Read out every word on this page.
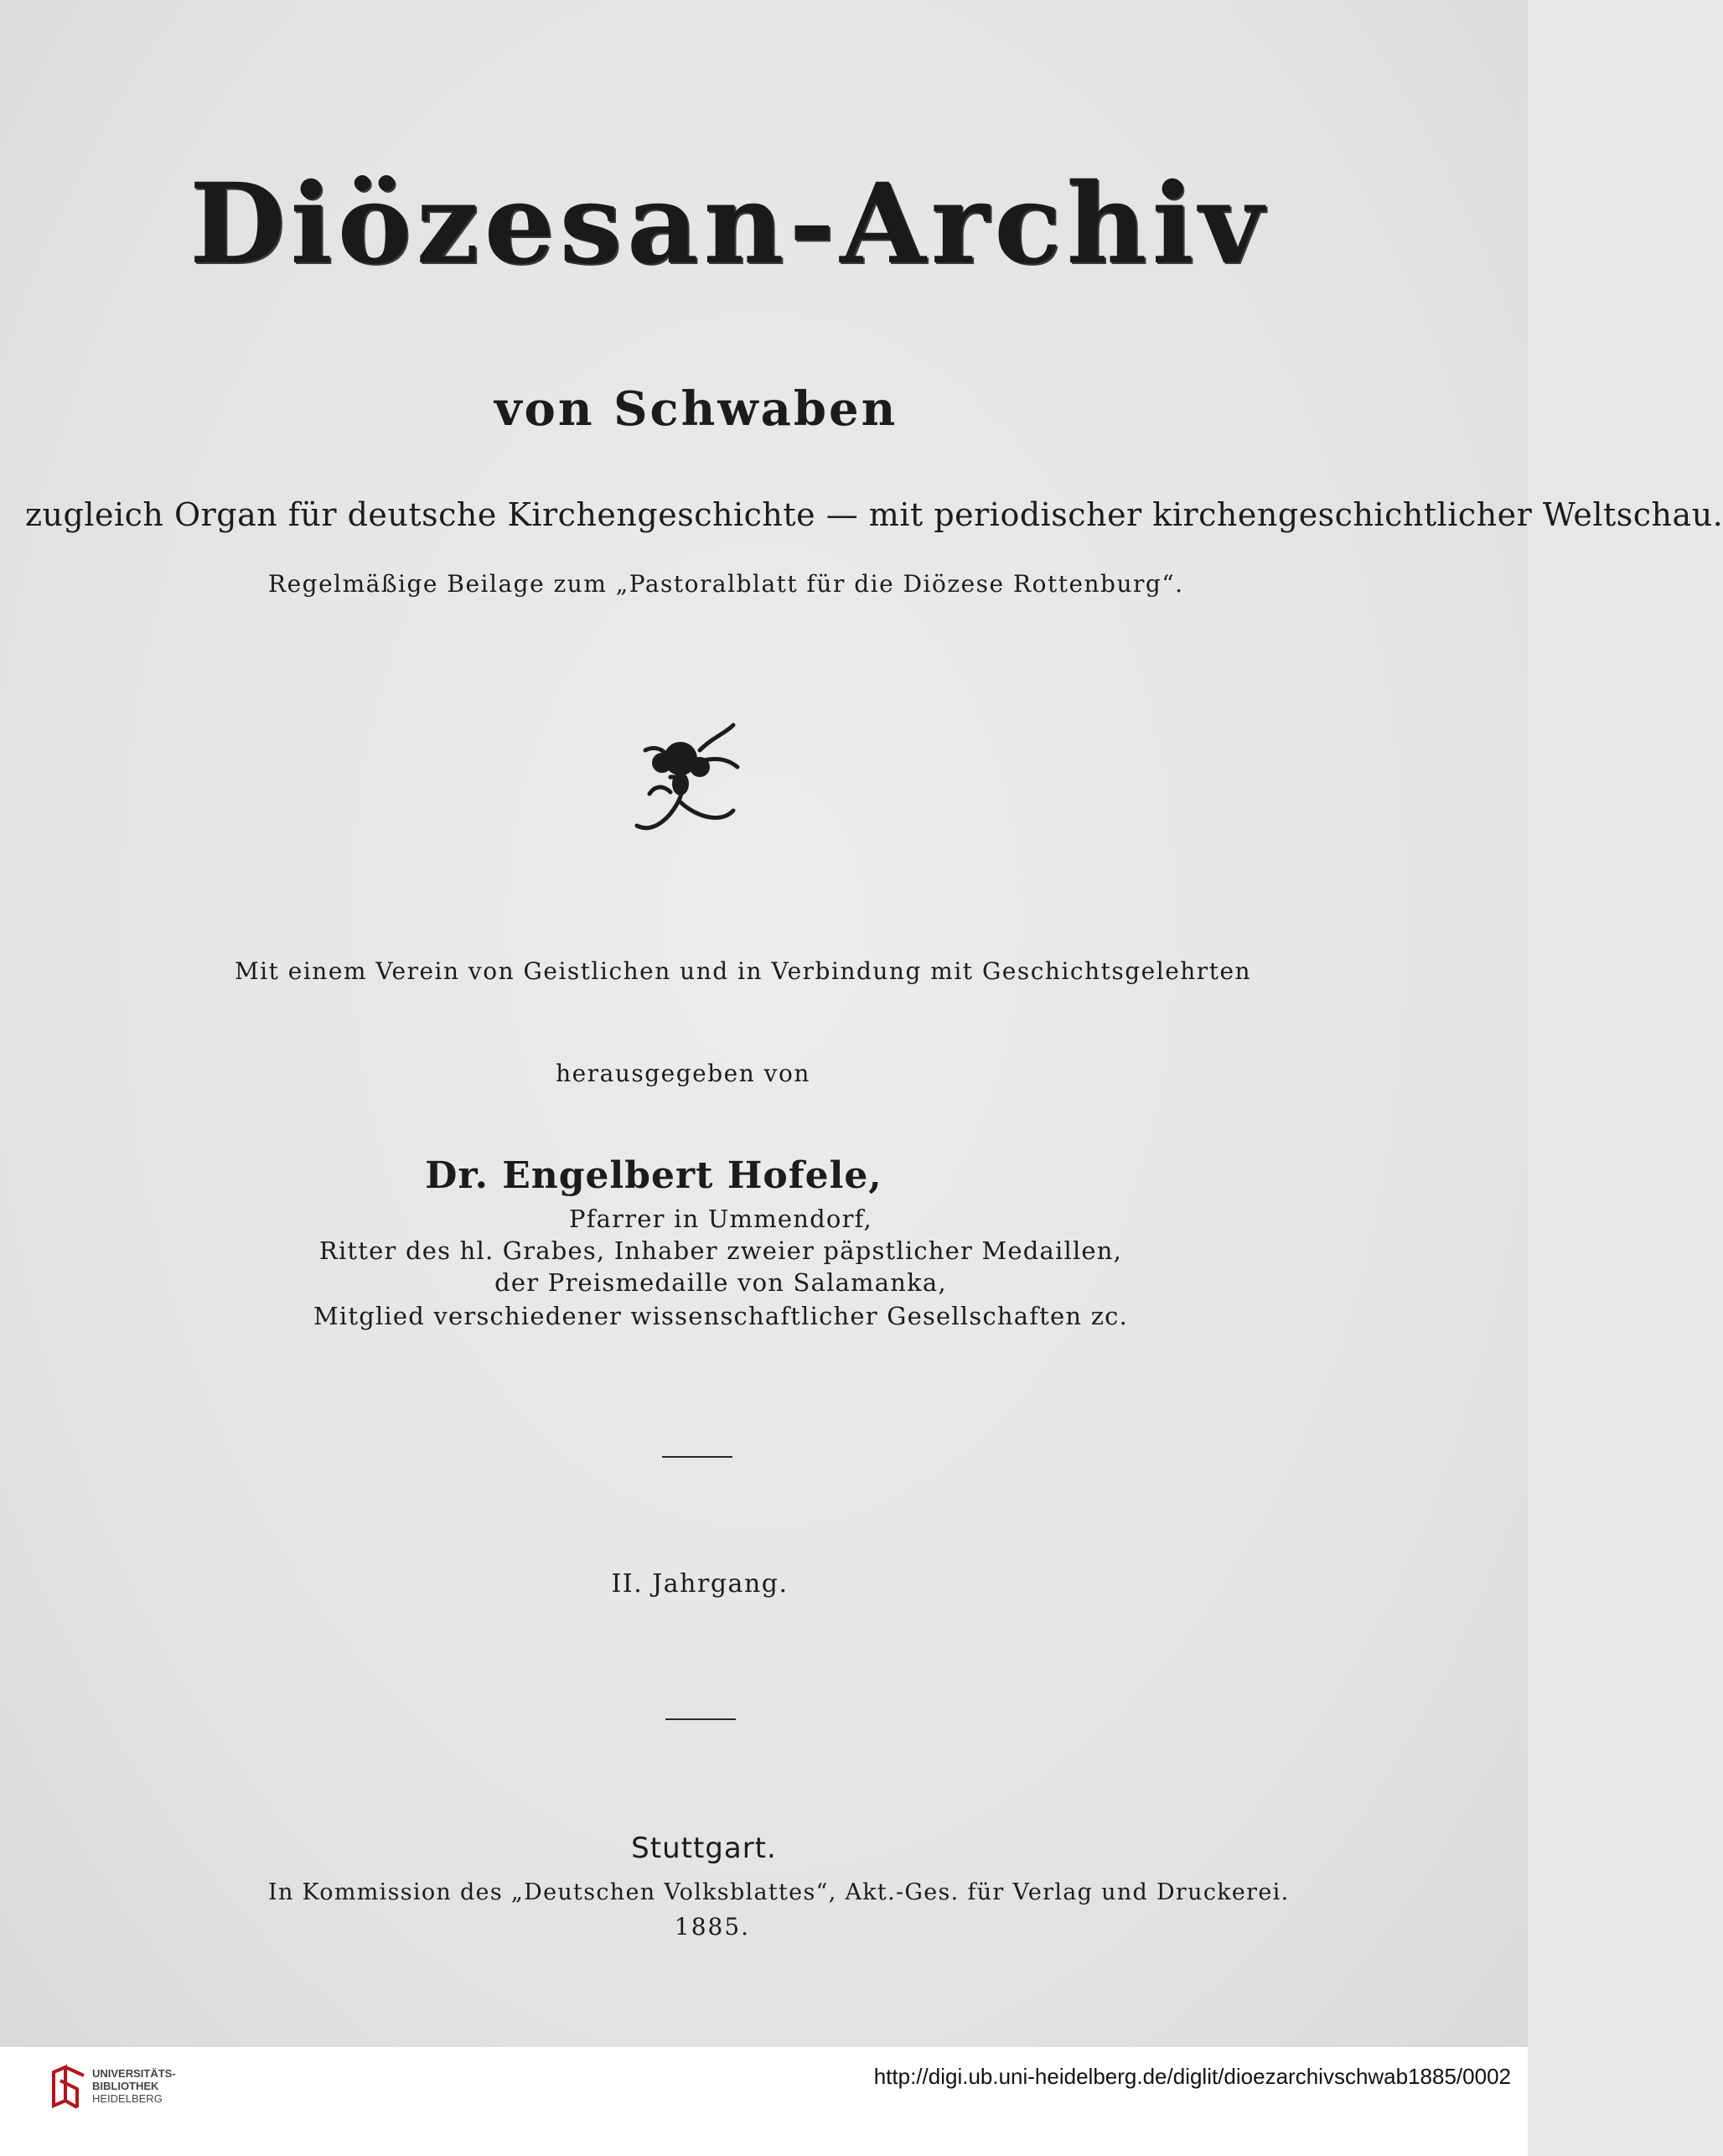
Diözesan-Archiv
von Schwaben
zugleich Organ für deutsche Kirchengeschichte — mit periodischer kirchengeschichtlicher Weltschau.
Regelmäßige Beilage zum „Pastoralblatt für die Diözese Rottenburg“.
Mit einem Verein von Geistlichen und in Verbindung mit Geschichtsgelehrten
herausgegeben von
Dr. Engelbert Hofele,
Pfarrer in Ummendorf,
Ritter des hl. Grabes, Inhaber zweier päpstlicher Medaillen,
der Preismedaille von Salamanka,
Mitglied verschiedener wissenschaftlicher Gesellschaften zc.
II. Jahrgang.
Stuttgart.
In Kommission des „Deutschen Volksblattes“, Akt.-Ges. für Verlag und Druckerei.
1885.
UNIVERSITÄTS-
BIBLIOTHEK
HEIDELBERG
http://digi.ub.uni-heidelberg.de/diglit/dioezarchivschwab1885/0002
